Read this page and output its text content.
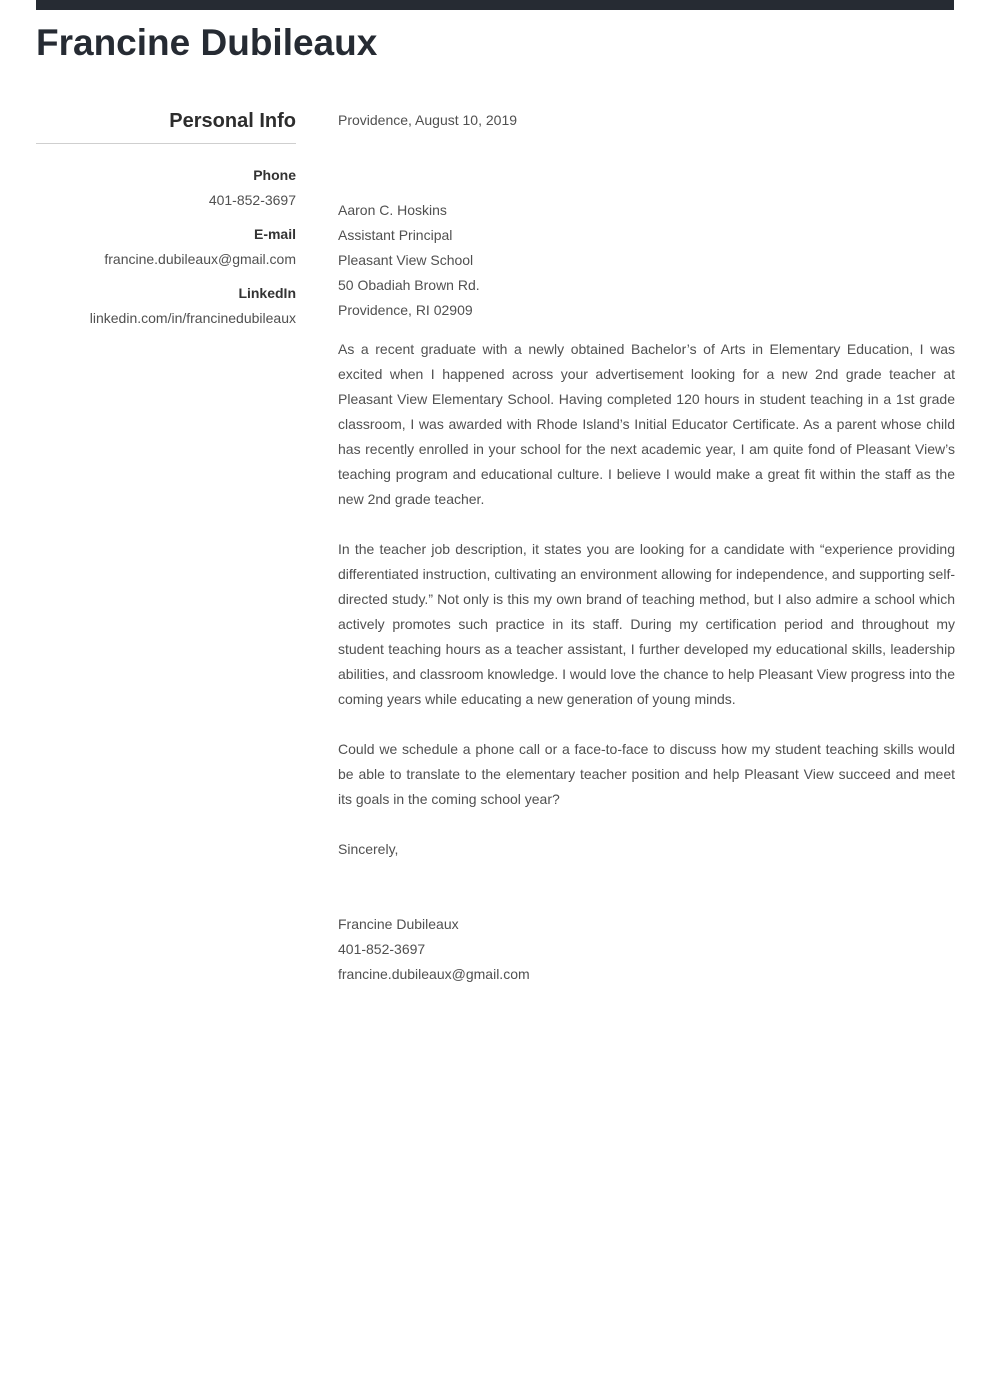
Francine Dubileaux
Personal Info
Phone
401-852-3697
E-mail
francine.dubileaux@gmail.com
LinkedIn
linkedin.com/in/francinedubileaux

Providence, August 10, 2019

Aaron C. Hoskins
Assistant Principal
Pleasant View School
50 Obadiah Brown Rd.
Providence, RI 02909

As a recent graduate with a newly obtained Bachelor’s of Arts in Elementary Education, I was excited when I happened across your advertisement looking for a new 2nd grade teacher at Pleasant View Elementary School. Having completed 120 hours in student teaching in a 1st grade classroom, I was awarded with Rhode Island’s Initial Educator Certificate. As a parent whose child has recently enrolled in your school for the next academic year, I am quite fond of Pleasant View’s teaching program and educational culture. I believe I would make a great fit within the staff as the new 2nd grade teacher.

In the teacher job description, it states you are looking for a candidate with “experience providing differentiated instruction, cultivating an environment allowing for independence, and supporting self-directed study.” Not only is this my own brand of teaching method, but I also admire a school which actively promotes such practice in its staff. During my certification period and throughout my student teaching hours as a teacher assistant, I further developed my educational skills, leadership abilities, and classroom knowledge. I would love the chance to help Pleasant View progress into the coming years while educating a new generation of young minds.

Could we schedule a phone call or a face-to-face to discuss how my student teaching skills would be able to translate to the elementary teacher position and help Pleasant View succeed and meet its goals in the coming school year?

Sincerely,

Francine Dubileaux
401-852-3697
francine.dubileaux@gmail.com
